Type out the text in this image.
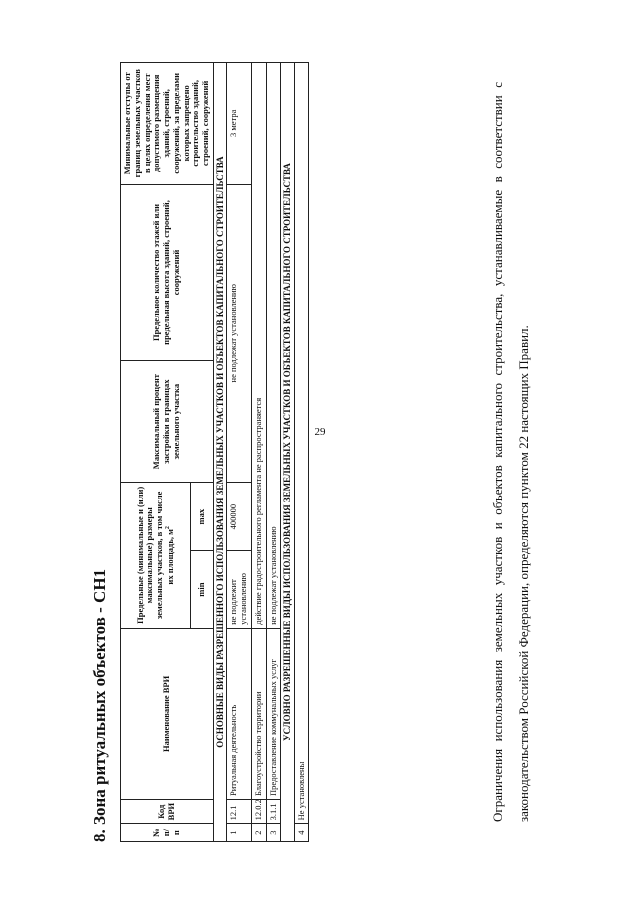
29
8. Зона ритуальных объектов - СН1	№ п/п	Код ВРИ	Наименование ВРИ	Предельные (минимальные и (или) максимальные) размеры земельных участков, в том числе их площадь, $м^2$		Максимальный процент застройки в границах земельного участка	Предельное количество этажей или предельная высота зданий, строений, сооружений	Минимальные отступы от границ земельных участков в целях определения мест допустимого размещения зданий, строений, сооружений, за пределами которых запрещено строительство зданий, строений, сооружений
			min	max			
ОСНОВНЫЕ ВИДЫ РАЗРЕШЕННОГО ИСПОЛЬЗОВАНИЯ ЗЕМЕЛЬНЫХ УЧАСТКОВ И ОБЪЕКТОВ КАПИТАЛЬНОГО СТРОИТЕЛЬСТВА							
1	12.1	Ритуальная деятельность	не подлежит установлению	400000	не подлежат установлению		3 метра
2	12.0.2	Благоустройство территории	действие градостроительного регламента не распространяется				
3	3.1.1	Предоставление коммунальных услуг	не подлежат установлению				
УСЛОВНО РАЗРЕШЕННЫЕ ВИДЫ ИСПОЛЬЗОВАНИЯ ЗЕМЕЛЬНЫХ УЧАСТКОВ И ОБЪЕКТОВ КАПИТАЛЬНОГО СТРОИТЕЛЬСТВА							
4	Не установлены							Ограничения использования земельных участков и объектов капитального строительства, устанавливаемые в соответствии с законодательством Российской Федерации, определяются пунктом 22 настоящих Правил.
